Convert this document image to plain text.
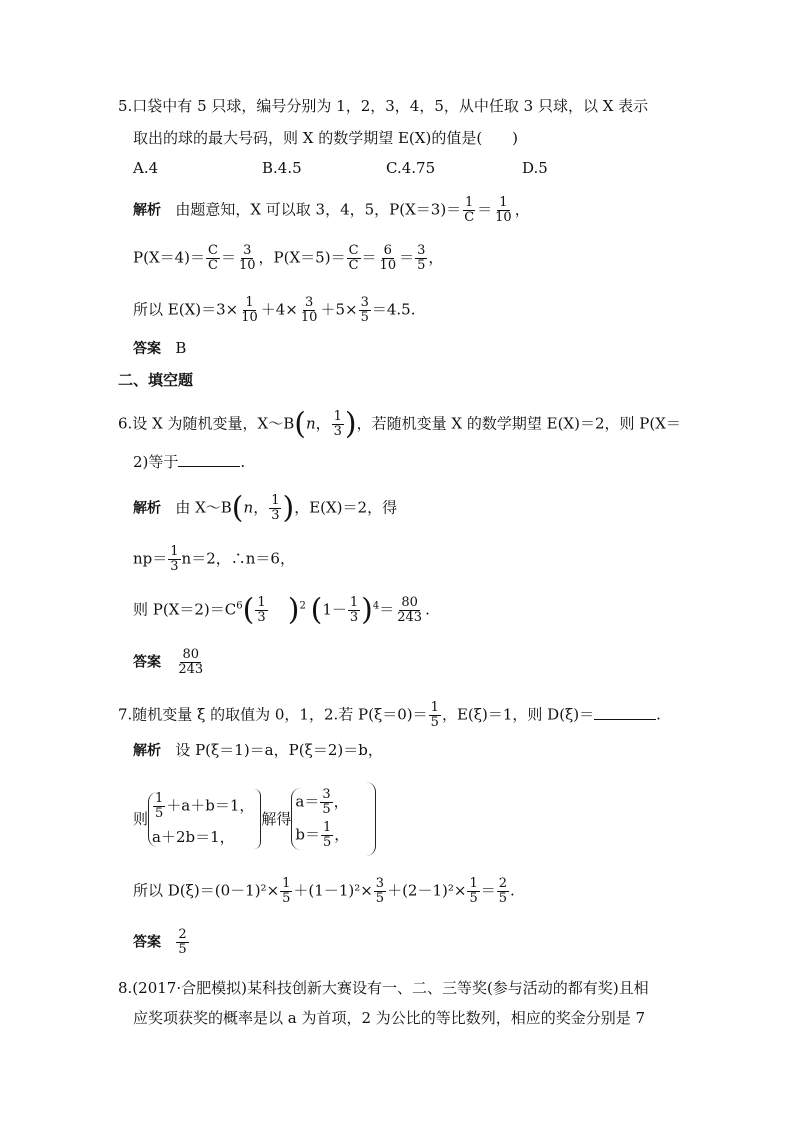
5.口袋中有 5 只球，编号分别为 1，2，3，4，5，从中任取 3 只球，以 X 表示
取出的球的最大号码，则 X 的数学期望 E(X)的值是(　　)
A.4	B.4.5	C.4.75	D.5
解析 由题意知，X 可以取 3，4，5，$P(X=3)= \frac{1}{C} = \frac{1}{10}$ ，
$P(X=4)= \frac{C}{C} = \frac{3}{10}$ ，$P(X=5)= \frac{C}{C} = \frac{6}{10} = \frac{3}{5}$ ，
所以 $E(X)=3\times \frac{1}{10} +4\times \frac{3}{10} +5\times \frac{3}{5} =4.5$.
答案 B
二、填空题
6.设 X 为随机变量，X～B(n， $\frac{1}{3}$ )，若随机变量 X 的数学期望 E(X)＝2，则 P(X＝
2)等于	.
解析 由 X～B(n， $\frac{1}{3}$ )，E(X)＝2，得
$np= \frac{1}{3} n=2$，∴n＝6，
则 $P(X=2)=C^6( \frac{1}{3} )^2$ $(1- \frac{1}{3} )^4= \frac{80}{243}$ .
答案 $\frac{80}{243}$
7.随机变量 ξ 的取值为 0，1，2.若 $P(\xi=0)= \frac{1}{5}$ ，E(ξ)＝1，则 D(ξ)＝	.
解析 设 P(ξ＝1)＝a，P(ξ＝2)＝b，
则 $\frac{1}{5} +a+b=1$，
a＋2b＝1，
解得
$a= \frac{3}{5}$ ，
$b= \frac{1}{5}$ ，
所以 $D(\xi)=(0-1)^2\times \frac{1}{5} +(1-1)^2\times \frac{3}{5} +(2-1)^2\times \frac{1}{5} = \frac{2}{5}$ .
答案 $\frac{2}{5}$
8.(2017·合肥模拟)某科技创新大赛设有一、二、三等奖(参与活动的都有奖)且相
应奖项获奖的概率是以 a 为首项，2 为公比的等比数列，相应的奖金分别是 7
